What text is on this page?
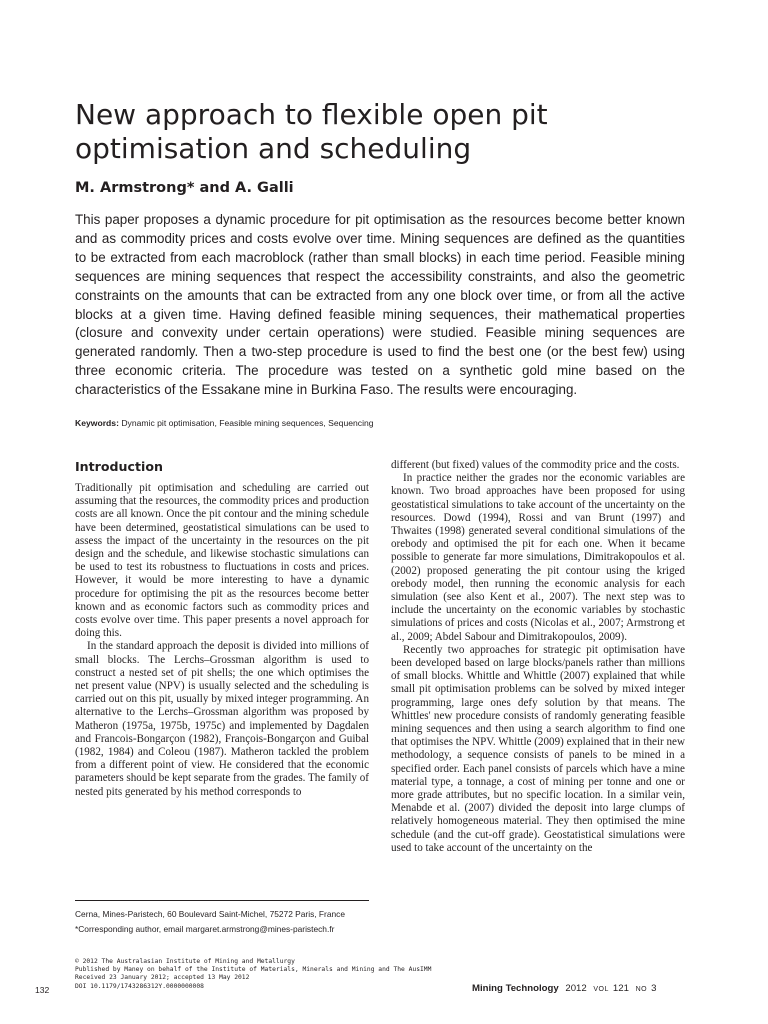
New approach to flexible open pit optimisation and scheduling

M. Armstrong* and A. Galli

This paper proposes a dynamic procedure for pit optimisation as the resources become better known and as commodity prices and costs evolve over time. Mining sequences are defined as the quantities to be extracted from each macroblock (rather than small blocks) in each time period. Feasible mining sequences are mining sequences that respect the accessibility constraints, and also the geometric constraints on the amounts that can be extracted from any one block over time, or from all the active blocks at a given time. Having defined feasible mining sequences, their mathematical properties (closure and convexity under certain operations) were studied. Feasible mining sequences are generated randomly. Then a two-step procedure is used to find the best one (or the best few) using three economic criteria. The procedure was tested on a synthetic gold mine based on the characteristics of the Essakane mine in Burkina Faso. The results were encouraging.

Keywords: Dynamic pit optimisation, Feasible mining sequences, Sequencing

Introduction

Traditionally pit optimisation and scheduling are carried out assuming that the resources, the commodity prices and production costs are all known. Once the pit contour and the mining schedule have been determined, geostatistical simulations can be used to assess the impact of the uncertainty in the resources on the pit design and the schedule, and likewise stochastic simulations can be used to test its robustness to fluctuations in costs and prices. However, it would be more interesting to have a dynamic procedure for optimising the pit as the resources become better known and as economic factors such as commodity prices and costs evolve over time. This paper presents a novel approach for doing this.

In the standard approach the deposit is divided into millions of small blocks. The Lerchs–Grossman algorithm is used to construct a nested set of pit shells; the one which optimises the net present value (NPV) is usually selected and the scheduling is carried out on this pit, usually by mixed integer programming. An alternative to the Lerchs–Grossman algorithm was proposed by Matheron (1975a, 1975b, 1975c) and implemented by Dagdalen and Francois-Bongarçon (1982), François-Bongarçon and Guibal (1982, 1984) and Coleou (1987). Matheron tackled the problem from a different point of view. He considered that the economic parameters should be kept separate from the grades. The family of nested pits generated by his method corresponds to

different (but fixed) values of the commodity price and the costs.

In practice neither the grades nor the economic variables are known. Two broad approaches have been proposed for using geostatistical simulations to take account of the uncertainty on the resources. Dowd (1994), Rossi and van Brunt (1997) and Thwaites (1998) generated several conditional simulations of the orebody and optimised the pit for each one. When it became possible to generate far more simulations, Dimitrakopoulos et al. (2002) proposed generating the pit contour using the kriged orebody model, then running the economic analysis for each simulation (see also Kent et al., 2007). The next step was to include the uncertainty on the economic variables by stochastic simulations of prices and costs (Nicolas et al., 2007; Armstrong et al., 2009; Abdel Sabour and Dimitrakopoulos, 2009).

Recently two approaches for strategic pit optimisation have been developed based on large blocks/panels rather than millions of small blocks. Whittle and Whittle (2007) explained that while small pit optimisation problems can be solved by mixed integer programming, large ones defy solution by that means. The Whittles' new procedure consists of randomly generating feasible mining sequences and then using a search algorithm to find one that optimises the NPV. Whittle (2009) explained that in their new methodology, a sequence consists of panels to be mined in a specified order. Each panel consists of parcels which have a mine material type, a tonnage, a cost of mining per tonne and one or more grade attributes, but no specific location. In a similar vein, Menabde et al. (2007) divided the deposit into large clumps of relatively homogeneous material. They then optimised the mine schedule (and the cut-off grade). Geostatistical simulations were used to take account of the uncertainty on the

Cerna, Mines-Paristech, 60 Boulevard Saint-Michel, 75272 Paris, France
*Corresponding author, email margaret.armstrong@mines-paristech.fr
© 2012 The Australasian Institute of Mining and Metallurgy
Published by Maney on behalf of the Institute of Materials, Minerals and Mining and The AusIMM
Received 23 January 2012; accepted 13 May 2012
DOI 10.1179/1743286312Y.0000000008
132	Mining Technology 2012 VOL 121 NO 3
